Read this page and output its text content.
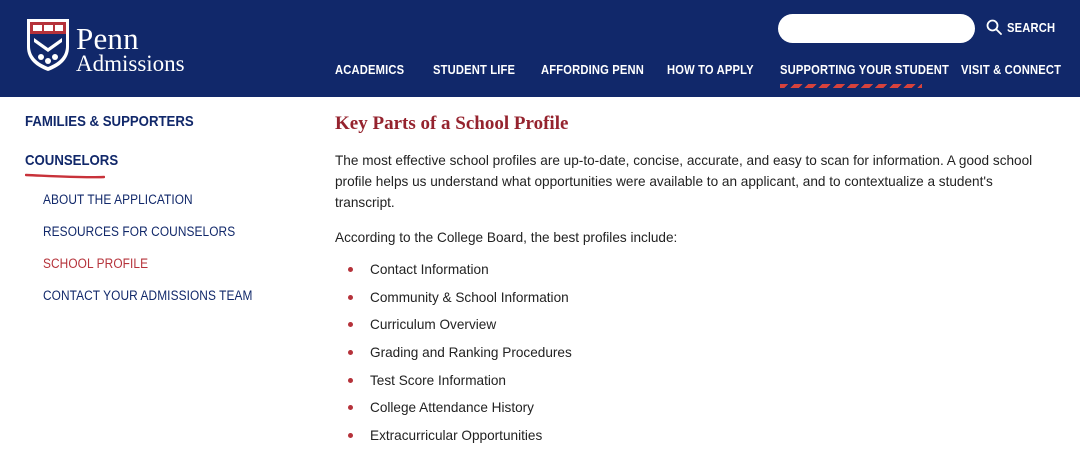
Penn
Admissions
SEARCH
ACADEMICS STUDENT LIFE AFFORDING PENN HOW TO APPLY SUPPORTING YOUR STUDENT VISIT & CONNECT
FAMILIES & SUPPORTERS
COUNSELORS
ABOUT THE APPLICATION
RESOURCES FOR COUNSELORS
SCHOOL PROFILE
CONTACT YOUR ADMISSIONS TEAM
Key Parts of a School Profile

The most effective school profiles are up-to-date, concise, accurate, and easy to scan for information. A good school profile helps us understand what opportunities were available to an applicant, and to contextualize a student's transcript.

According to the College Board, the best profiles include:

Contact Information
Community & School Information
Curriculum Overview
Grading and Ranking Procedures
Test Score Information
College Attendance History
Extracurricular Opportunities
